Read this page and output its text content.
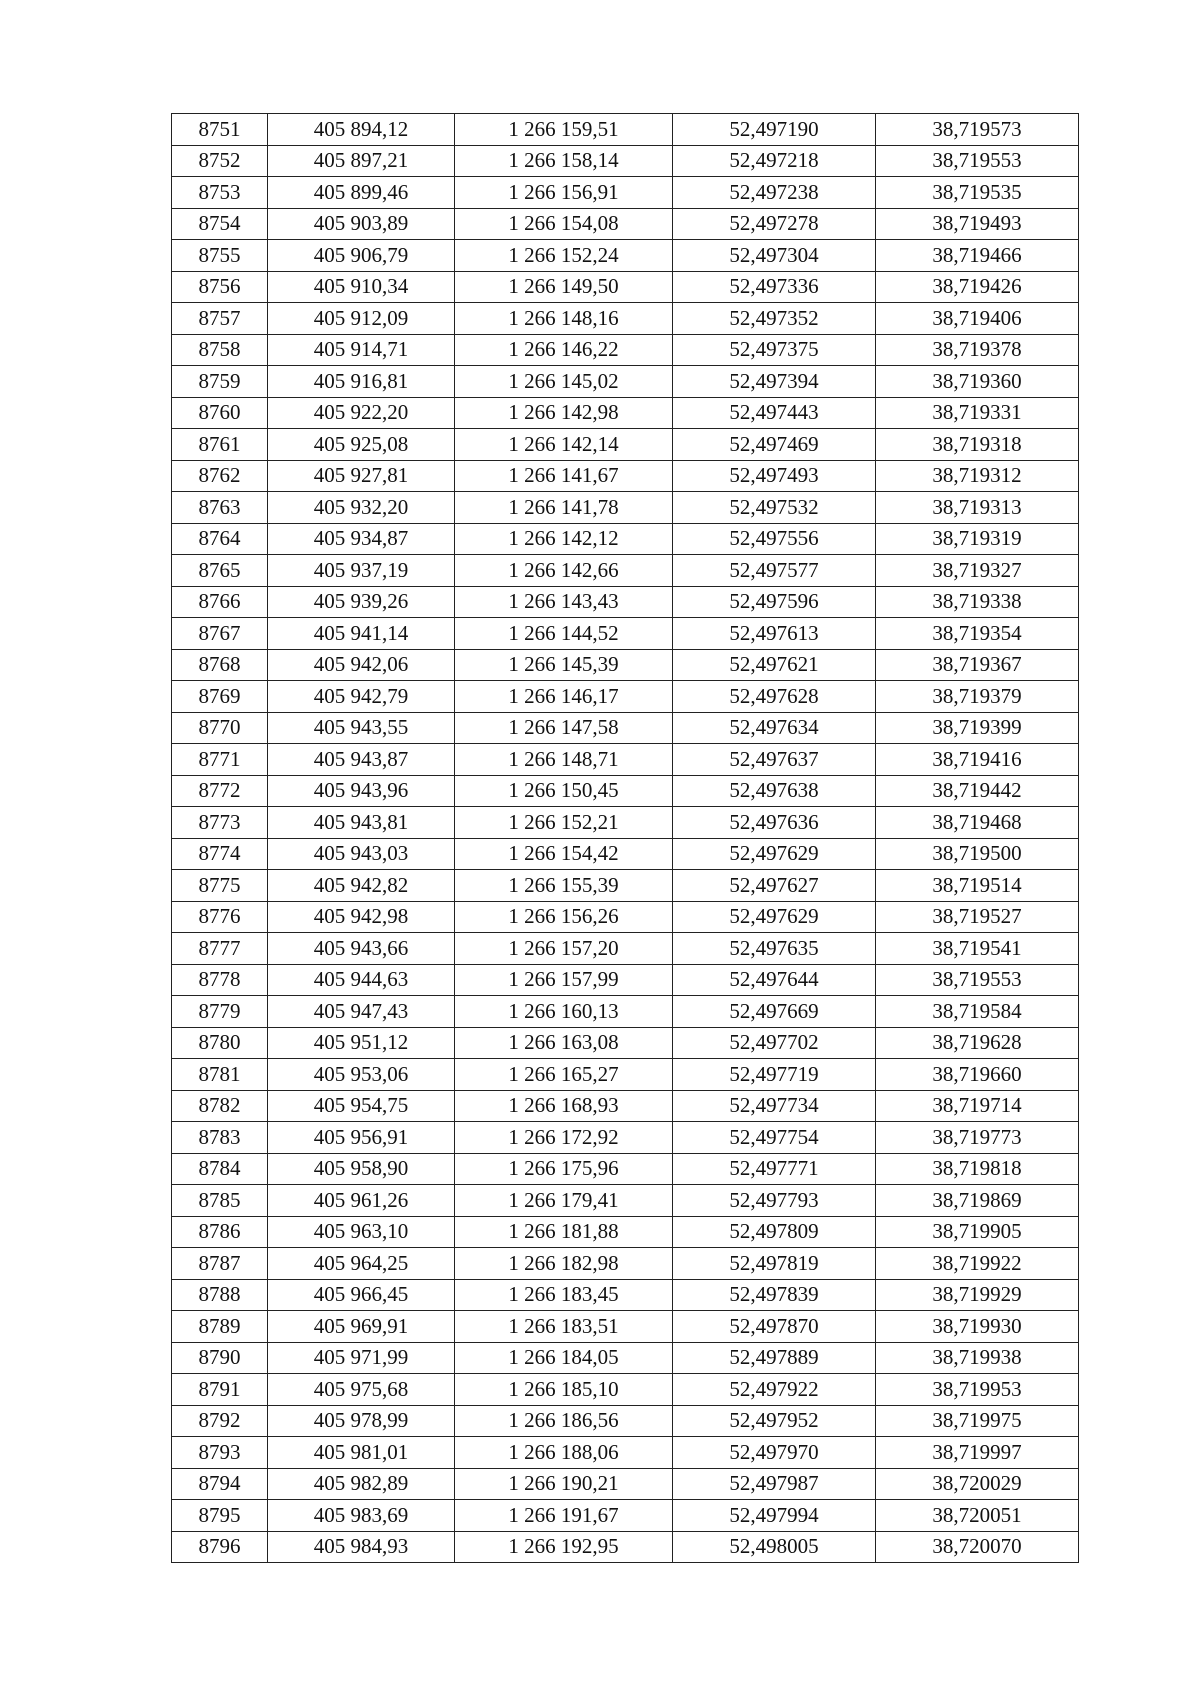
8751	405 894,12	1 266 159,51	52,497190	38,719573
8752	405 897,21	1 266 158,14	52,497218	38,719553
8753	405 899,46	1 266 156,91	52,497238	38,719535
8754	405 903,89	1 266 154,08	52,497278	38,719493
8755	405 906,79	1 266 152,24	52,497304	38,719466
8756	405 910,34	1 266 149,50	52,497336	38,719426
8757	405 912,09	1 266 148,16	52,497352	38,719406
8758	405 914,71	1 266 146,22	52,497375	38,719378
8759	405 916,81	1 266 145,02	52,497394	38,719360
8760	405 922,20	1 266 142,98	52,497443	38,719331
8761	405 925,08	1 266 142,14	52,497469	38,719318
8762	405 927,81	1 266 141,67	52,497493	38,719312
8763	405 932,20	1 266 141,78	52,497532	38,719313
8764	405 934,87	1 266 142,12	52,497556	38,719319
8765	405 937,19	1 266 142,66	52,497577	38,719327
8766	405 939,26	1 266 143,43	52,497596	38,719338
8767	405 941,14	1 266 144,52	52,497613	38,719354
8768	405 942,06	1 266 145,39	52,497621	38,719367
8769	405 942,79	1 266 146,17	52,497628	38,719379
8770	405 943,55	1 266 147,58	52,497634	38,719399
8771	405 943,87	1 266 148,71	52,497637	38,719416
8772	405 943,96	1 266 150,45	52,497638	38,719442
8773	405 943,81	1 266 152,21	52,497636	38,719468
8774	405 943,03	1 266 154,42	52,497629	38,719500
8775	405 942,82	1 266 155,39	52,497627	38,719514
8776	405 942,98	1 266 156,26	52,497629	38,719527
8777	405 943,66	1 266 157,20	52,497635	38,719541
8778	405 944,63	1 266 157,99	52,497644	38,719553
8779	405 947,43	1 266 160,13	52,497669	38,719584
8780	405 951,12	1 266 163,08	52,497702	38,719628
8781	405 953,06	1 266 165,27	52,497719	38,719660
8782	405 954,75	1 266 168,93	52,497734	38,719714
8783	405 956,91	1 266 172,92	52,497754	38,719773
8784	405 958,90	1 266 175,96	52,497771	38,719818
8785	405 961,26	1 266 179,41	52,497793	38,719869
8786	405 963,10	1 266 181,88	52,497809	38,719905
8787	405 964,25	1 266 182,98	52,497819	38,719922
8788	405 966,45	1 266 183,45	52,497839	38,719929
8789	405 969,91	1 266 183,51	52,497870	38,719930
8790	405 971,99	1 266 184,05	52,497889	38,719938
8791	405 975,68	1 266 185,10	52,497922	38,719953
8792	405 978,99	1 266 186,56	52,497952	38,719975
8793	405 981,01	1 266 188,06	52,497970	38,719997
8794	405 982,89	1 266 190,21	52,497987	38,720029
8795	405 983,69	1 266 191,67	52,497994	38,720051
8796	405 984,93	1 266 192,95	52,498005	38,720070
